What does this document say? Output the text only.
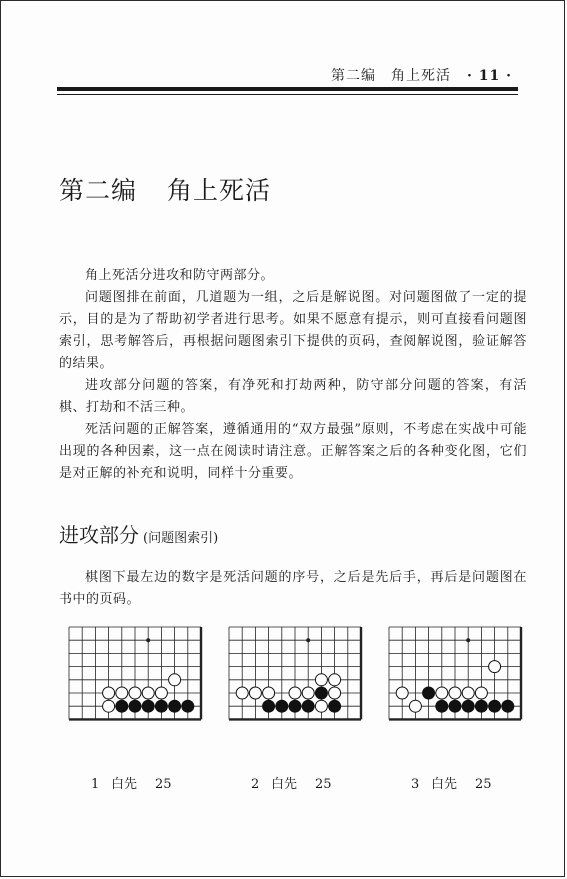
第二编　角上死活 · 11 ·
第二编 角上死活

角上死活分进攻和防守两部分。

问题图排在前面，几道题为一组，之后是解说图。对问题图做了一定的提示，目的是为了帮助初学者进行思考。如果不愿意有提示，则可直接看问题图索引，思考解答后，再根据问题图索引下提供的页码，查阅解说图，验证解答的结果。

进攻部分问题的答案，有净死和打劫两种，防守部分问题的答案，有活棋、打劫和不活三种。

死活问题的正解答案，遵循通用的“双方最强”原则，不考虑在实战中可能出现的各种因素，这一点在阅读时请注意。正解答案之后的各种变化图，它们是对正解的补充和说明，同样十分重要。

进攻部分 (问题图索引)

棋图下最左边的数字是死活问题的序号，之后是先后手，再后是问题图在书中的页码。

1 白先 25	2 白先 25	3 白先 25
